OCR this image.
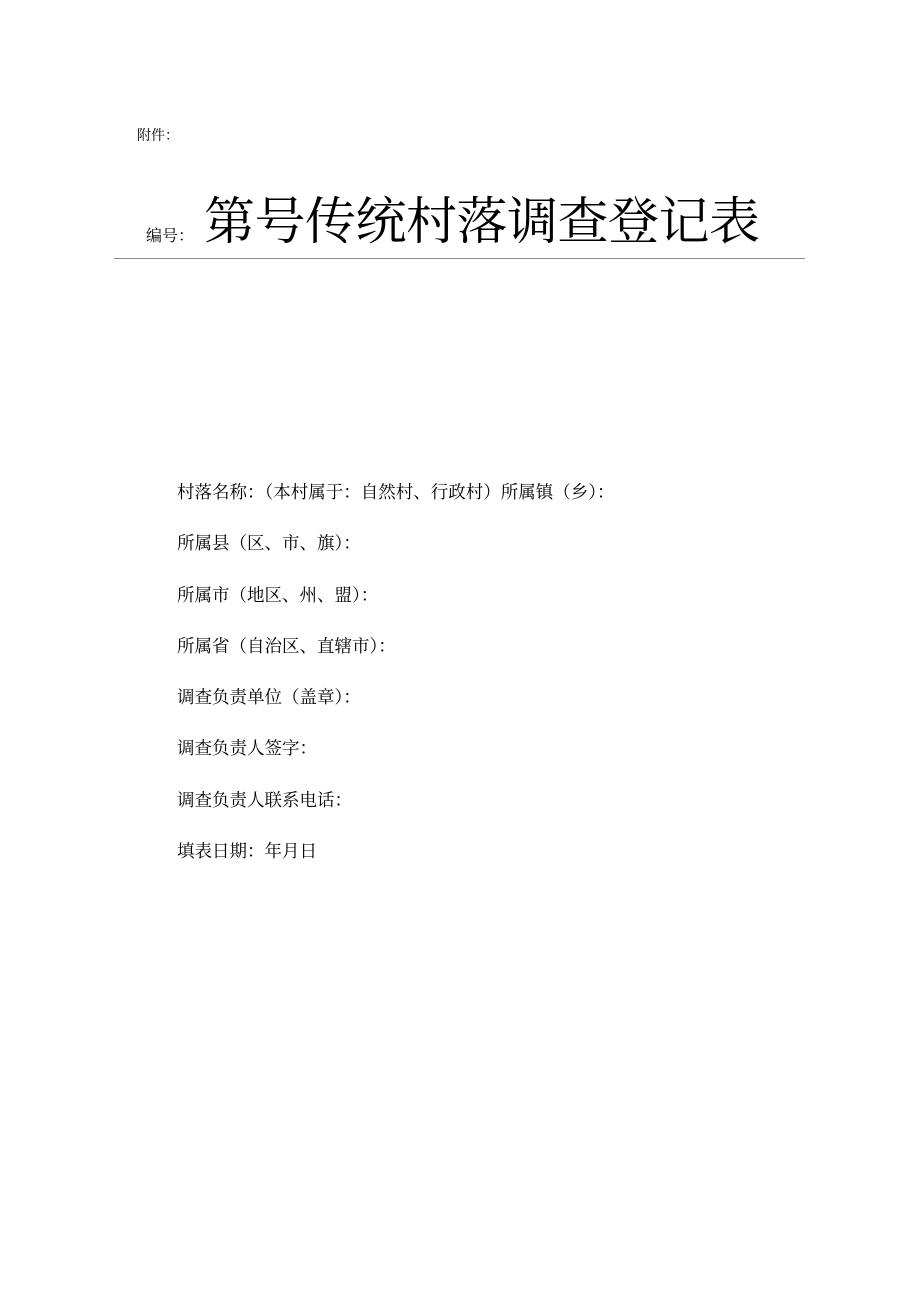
附件：
编号： 第号传统村落调查登记表
村落名称：（本村属于：自然村、行政村）所属镇（乡）：
所属县（区、市、旗）：
所属市（地区、州、盟）：
所属省（自治区、直辖市）：
调查负责单位（盖章）：
调查负责人签字：
调查负责人联系电话：
填表日期：年月日
